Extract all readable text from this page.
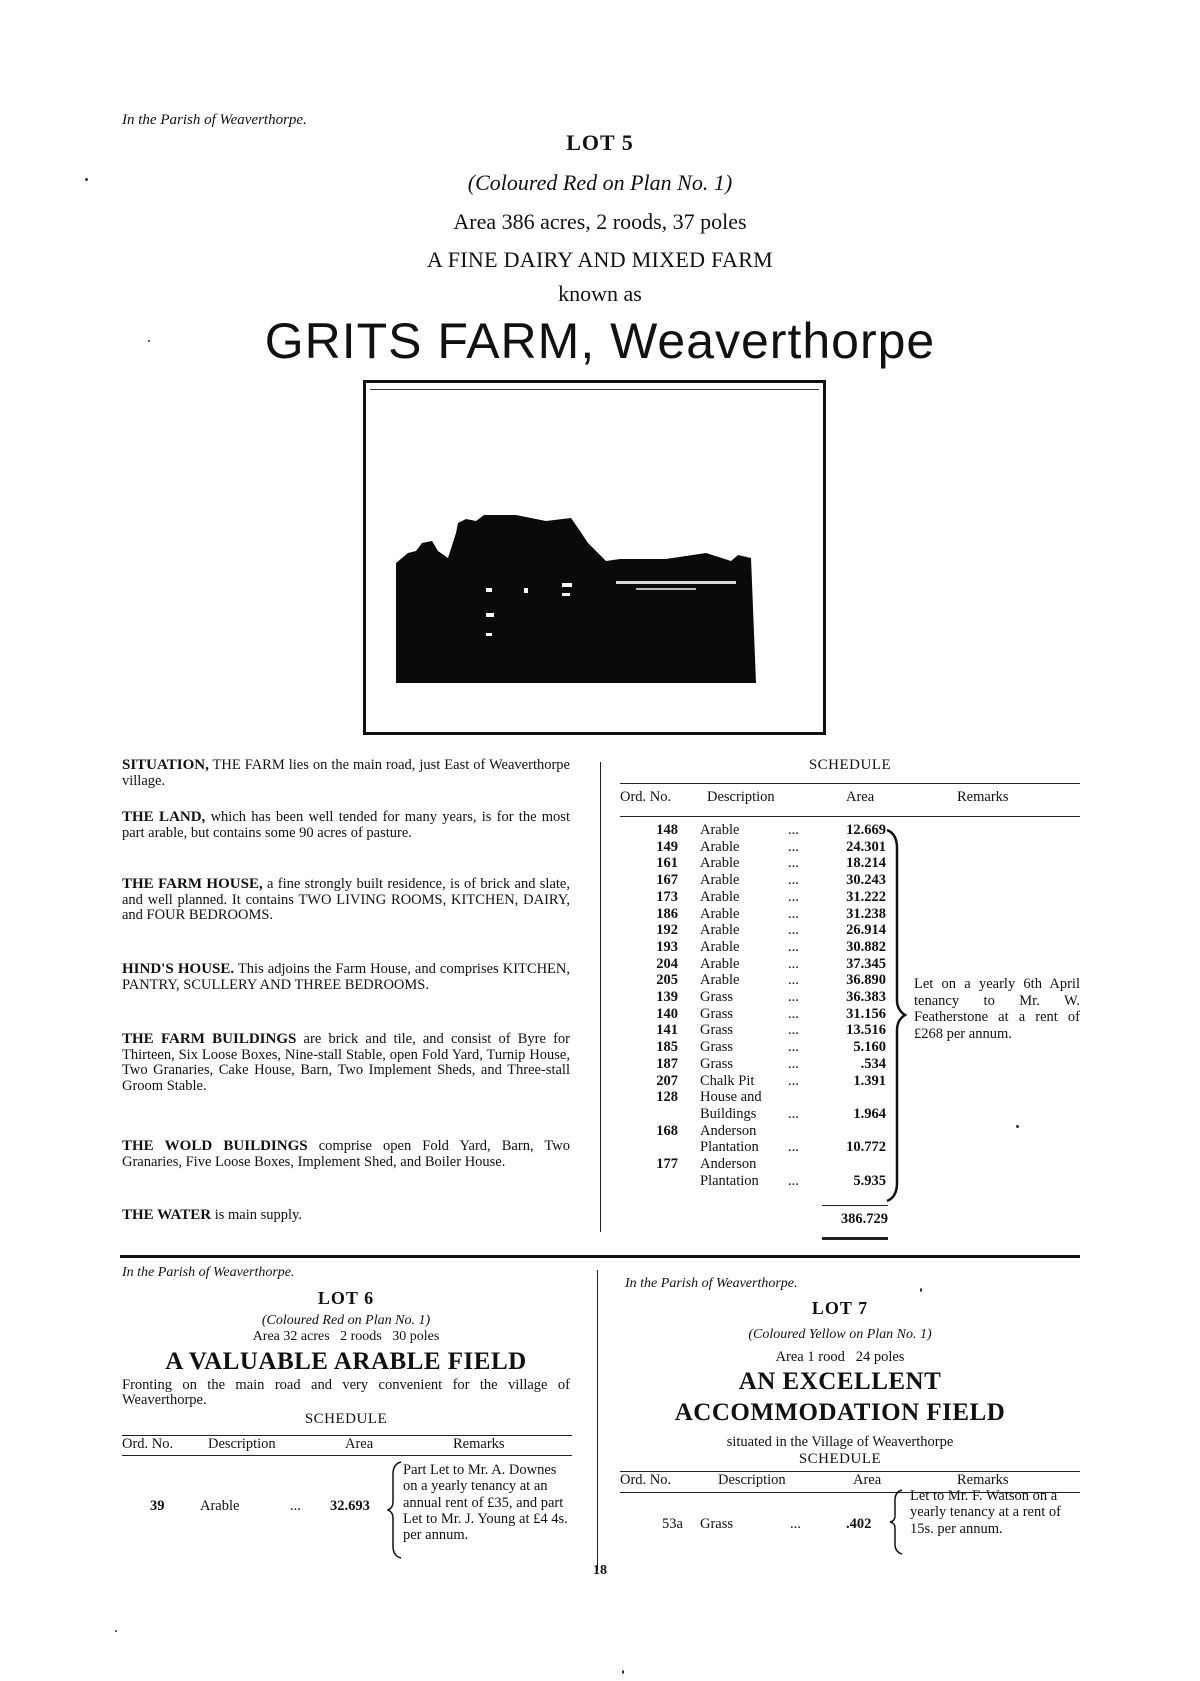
In the Parish of Weaverthorpe.
LOT 5
(Coloured Red on Plan No. 1)
Area 386 acres, 2 roods, 37 poles
A FINE DAIRY AND MIXED FARM
known as
GRITS FARM, Weaverthorpe
SITUATION, THE FARM lies on the main road, just East of Weaverthorpe village.
THE LAND, which has been well tended for many years, is for the most part arable, but contains some 90 acres of pasture.
THE FARM HOUSE, a fine strongly built residence, is of brick and slate, and well planned. It contains TWO LIVING ROOMS, KITCHEN, DAIRY, and FOUR BEDROOMS.
HIND'S HOUSE. This adjoins the Farm House, and comprises KITCHEN, PANTRY, SCULLERY AND THREE BEDROOMS.
THE FARM BUILDINGS are brick and tile, and consist of Byre for Thirteen, Six Loose Boxes, Nine-stall Stable, open Fold Yard, Turnip House, Two Granaries, Cake House, Barn, Two Implement Sheds, and Three-stall Groom Stable.
THE WOLD BUILDINGS comprise open Fold Yard, Barn, Two Granaries, Five Loose Boxes, Implement Shed, and Boiler House.
THE WATER is main supply.
SCHEDULE
Ord. No. Description	Area	Remarks
148 Arable	...	12.669
149 Arable	...	24.301
161 Arable	...	18.214
167 Arable	...	30.243
173 Arable	...	31.222
186 Arable	...	31.238
192 Arable	...	26.914
193 Arable	...	30.882
204 Arable	...	37.345
205 Arable	...	36.890
139 Grass	...	36.383
140 Grass	...	31.156
141 Grass	...	13.516
185 Grass	...	5.160
187 Grass	...	.534
207 Chalk Pit ...	1.391
128 House and
Buildings ...	1.964
168 Anderson
Plantation ...	10.772
177 Anderson
Plantation ...	5.935
Let on a yearly 6th April tenancy to Mr. W. Featherstone at a rent of £268 per annum.
386.729
In the Parish of Weaverthorpe.
LOT 6
(Coloured Red on Plan No. 1)
Area 32 acres   2 roods   30 poles
A VALUABLE ARABLE FIELD
Fronting on the main road and very convenient for the village of Weaverthorpe.
SCHEDULE
Ord. No. Description	Area	Remarks
39 Arable	... 32.693
Part Let to Mr. A. Downes on a yearly tenancy at an annual rent of £35, and part Let to Mr. J. Young at £4 4s. per annum.
In the Parish of Weaverthorpe.
LOT 7
(Coloured Yellow on Plan No. 1)
Area 1 rood   24 poles
AN EXCELLENT
ACCOMMODATION FIELD
situated in the Village of Weaverthorpe
SCHEDULE
Ord. No.	Description	Area	Remarks
53a Grass	...	.402
Let to Mr. F. Watson on a yearly tenancy at a rent of 15s. per annum.
18
